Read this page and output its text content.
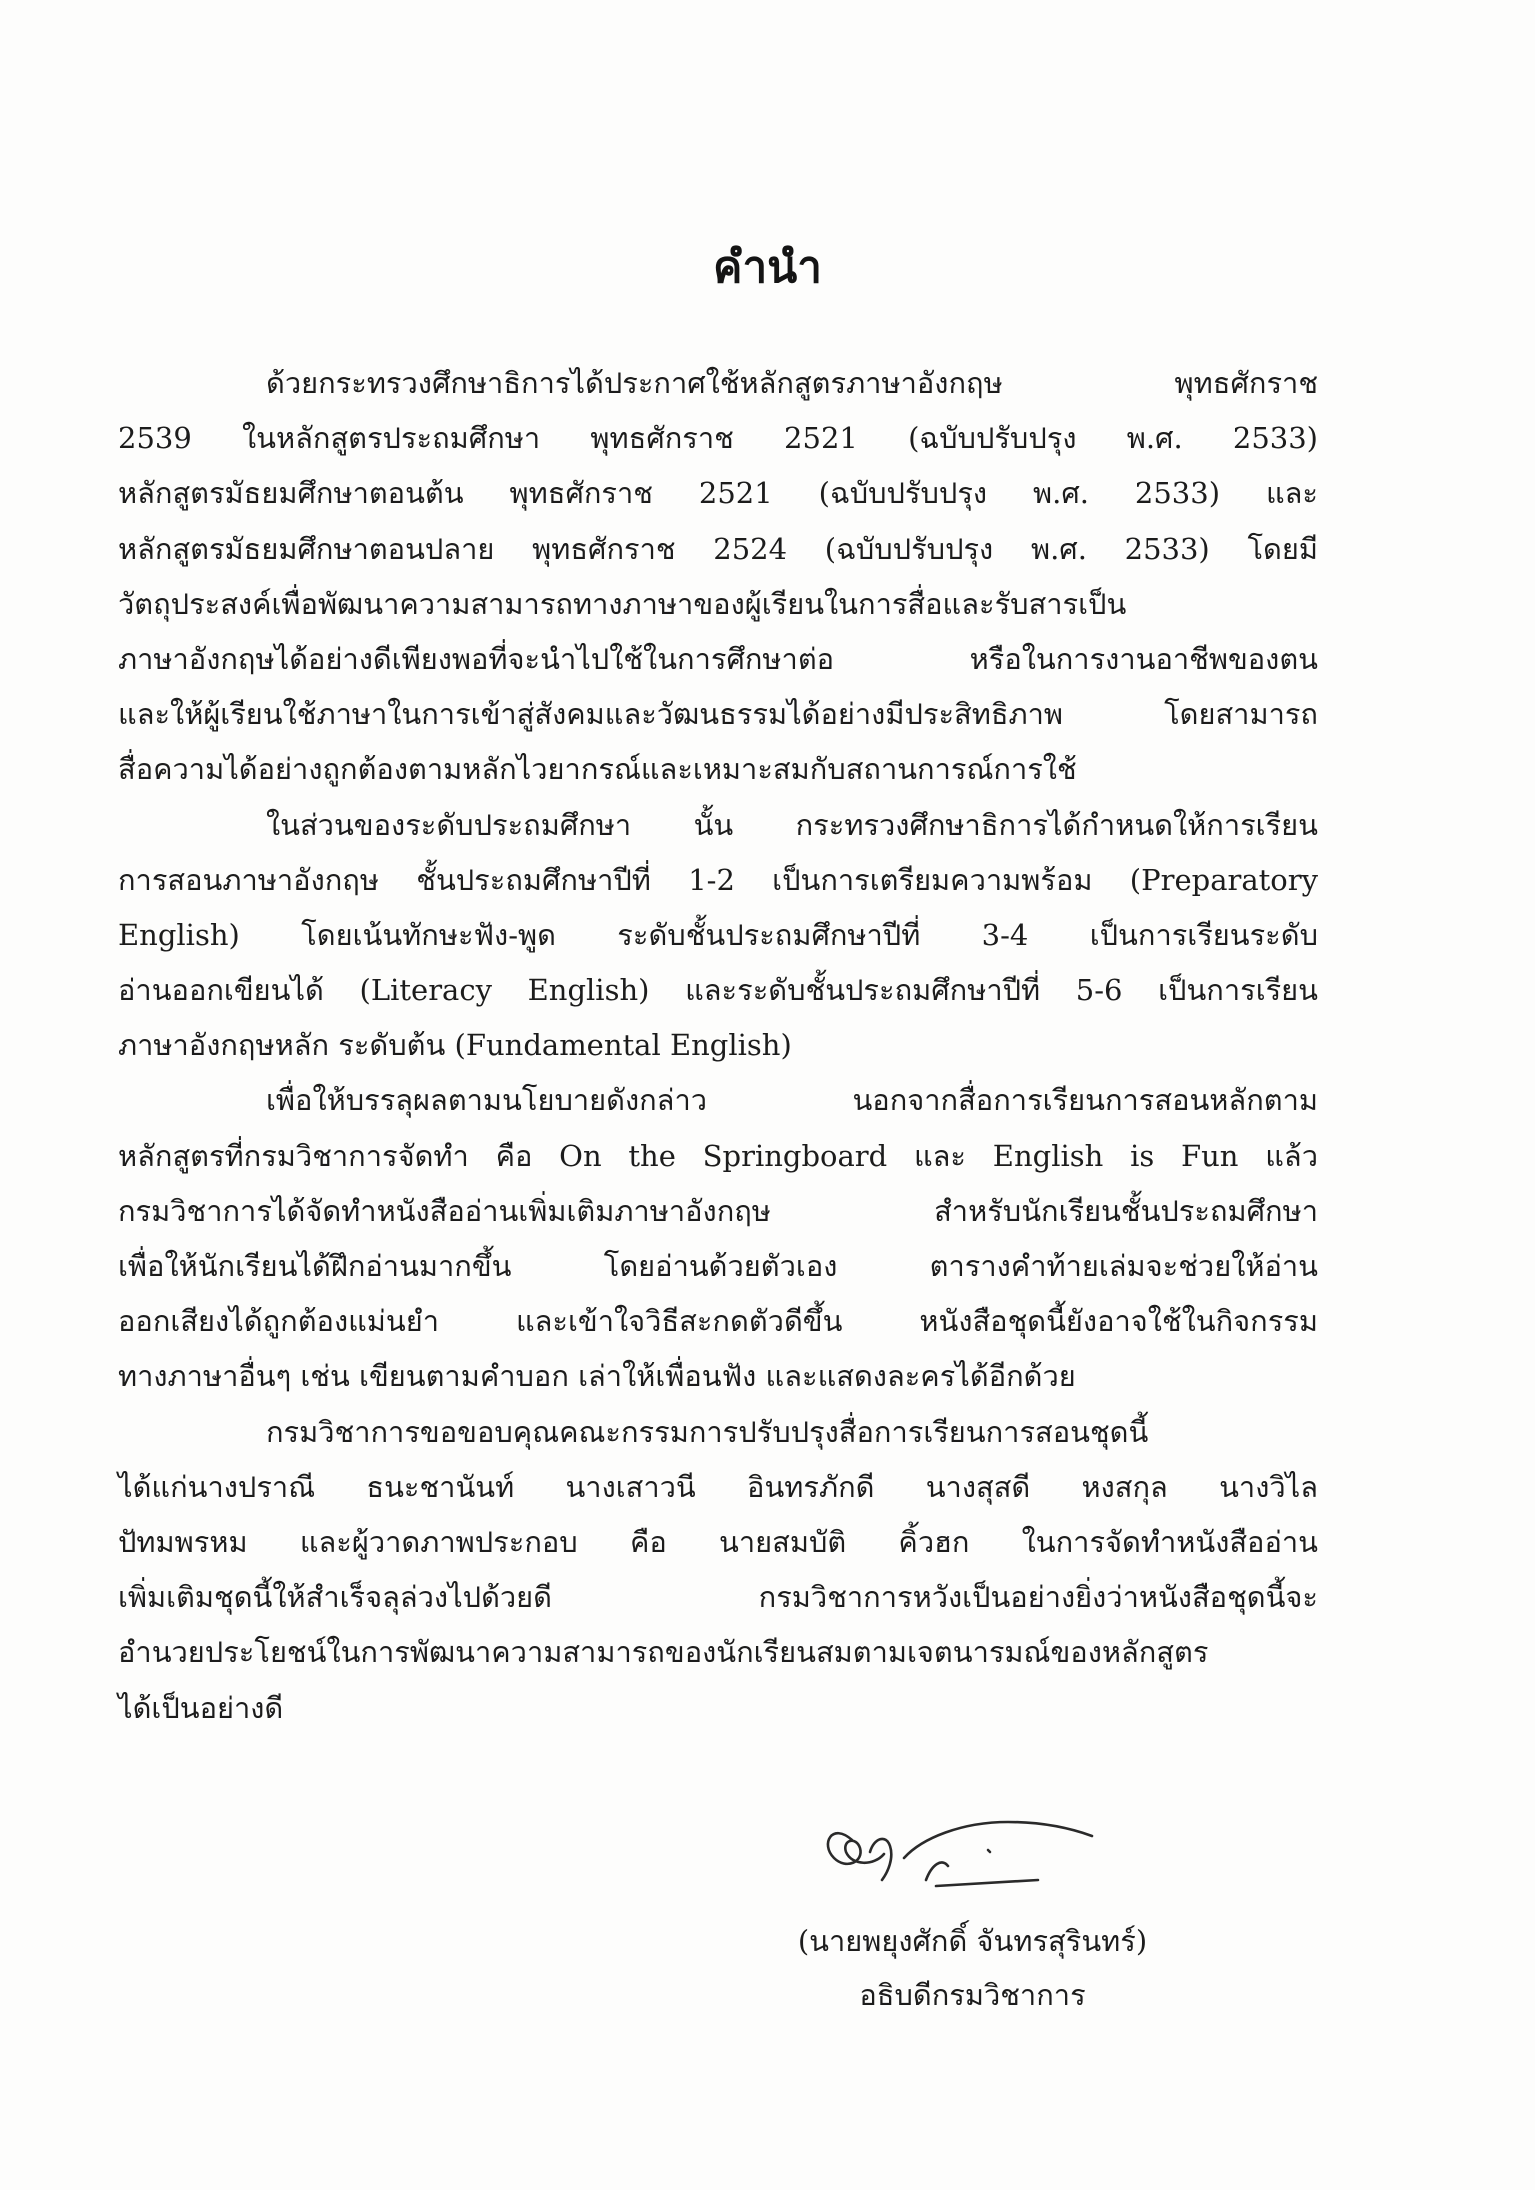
คำนำ
ด้วยกระทรวงศึกษาธิการได้ประกาศใช้หลักสูตรภาษาอังกฤษ พุทธศักราช
2539 ในหลักสูตรประถมศึกษา พุทธศักราช 2521 (ฉบับปรับปรุง พ.ศ. 2533)
หลักสูตรมัธยมศึกษาตอนต้น พุทธศักราช 2521 (ฉบับปรับปรุง พ.ศ. 2533) และ
หลักสูตรมัธยมศึกษาตอนปลาย พุทธศักราช 2524 (ฉบับปรับปรุง พ.ศ. 2533) โดยมี
วัตถุประสงค์เพื่อพัฒนาความสามารถทางภาษาของผู้เรียนในการสื่อและรับสารเป็น
ภาษาอังกฤษได้อย่างดีเพียงพอที่จะนำไปใช้ในการศึกษาต่อ หรือในการงานอาชีพของตน
และให้ผู้เรียนใช้ภาษาในการเข้าสู่สังคมและวัฒนธรรมได้อย่างมีประสิทธิภาพ โดยสามารถ
สื่อความได้อย่างถูกต้องตามหลักไวยากรณ์และเหมาะสมกับสถานการณ์การใช้
ในส่วนของระดับประถมศึกษา นั้น กระทรวงศึกษาธิการได้กำหนดให้การเรียน
การสอนภาษาอังกฤษ ชั้นประถมศึกษาปีที่ 1-2 เป็นการเตรียมความพร้อม (Preparatory
English) โดยเน้นทักษะฟัง-พูด ระดับชั้นประถมศึกษาปีที่ 3-4 เป็นการเรียนระดับ
อ่านออกเขียนได้ (Literacy English) และระดับชั้นประถมศึกษาปีที่ 5-6 เป็นการเรียน
ภาษาอังกฤษหลัก ระดับต้น (Fundamental English)
เพื่อให้บรรลุผลตามนโยบายดังกล่าว นอกจากสื่อการเรียนการสอนหลักตาม
หลักสูตรที่กรมวิชาการจัดทำ คือ On the Springboard และ English is Fun แล้ว
กรมวิชาการได้จัดทำหนังสืออ่านเพิ่มเติมภาษาอังกฤษ สำหรับนักเรียนชั้นประถมศึกษา
เพื่อให้นักเรียนได้ฝึกอ่านมากขึ้น โดยอ่านด้วยตัวเอง ตารางคำท้ายเล่มจะช่วยให้อ่าน
ออกเสียงได้ถูกต้องแม่นยำ และเข้าใจวิธีสะกดตัวดีขึ้น หนังสือชุดนี้ยังอาจใช้ในกิจกรรม
ทางภาษาอื่นๆ เช่น เขียนตามคำบอก เล่าให้เพื่อนฟัง และแสดงละครได้อีกด้วย
กรมวิชาการขอขอบคุณคณะกรรมการปรับปรุงสื่อการเรียนการสอนชุดนี้
ได้แก่นางปราณี ธนะชานันท์ นางเสาวนี อินทรภักดี นางสุสดี หงสกุล นางวิไล
ปัทมพรหม และผู้วาดภาพประกอบ คือ นายสมบัติ คิ้วฮก ในการจัดทำหนังสืออ่าน
เพิ่มเติมชุดนี้ให้สำเร็จลุล่วงไปด้วยดี กรมวิชาการหวังเป็นอย่างยิ่งว่าหนังสือชุดนี้จะ
อำนวยประโยชน์ในการพัฒนาความสามารถของนักเรียนสมตามเจตนารมณ์ของหลักสูตร
ได้เป็นอย่างดี
(นายพยุงศักดิ์ จันทรสุรินทร์)
อธิบดีกรมวิชาการ
